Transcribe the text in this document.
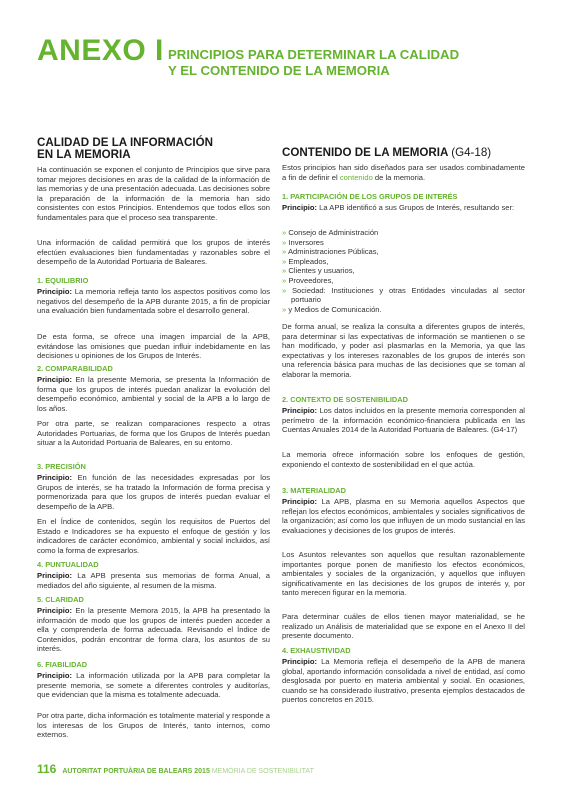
ANEXO I PRINCIPIOS PARA DETERMINAR LA CALIDAD
Y EL CONTENIDO DE LA MEMORIA
CALIDAD DE LA INFORMACIÓN
EN LA MEMORIA

Ha continuación se exponen el conjunto de Principios que sirve para tomar mejores decisiones en aras de la calidad de la información de las memorias y de una presentación adecuada. Las decisiones sobre la preparación de la información de la memoria han sido consistentes con estos Principios. Entendemos que todos ellos son fundamentales para que el proceso sea transparente.

Una información de calidad permitirá que los grupos de interés efectúen evaluaciones bien fundamentadas y razonables sobre el desempeño de la Autoridad Portuaria de Baleares.

1. EQUILIBRIO

Principio: La memoria refleja tanto los aspectos positivos como los negativos del desempeño de la APB durante 2015, a fin de propiciar una evaluación bien fundamentada sobre el desarrollo general.

De esta forma, se ofrece una imagen imparcial de la APB, evitándose las omisiones que puedan influir indebidamente en las decisiones u opiniones de los Grupos de Interés.

2. COMPARABILIDAD

Principio: En la presente Memoria, se presenta la Información de forma que los grupos de interés puedan analizar la evolución del desempeño económico, ambiental y social de la APB a lo largo de los años.

Por otra parte, se realizan comparaciones respecto a otras Autoridades Portuarias, de forma que los Grupos de Interés puedan situar a la Autoridad Portuaria de Baleares, en su entorno.

3. PRECISIÓN

Principio: En función de las necesidades expresadas por los Grupos de interés, se ha tratado la Información de forma precisa y pormenorizada para que los grupos de interés puedan evaluar el desempeño de la APB.

En el Índice de contenidos, según los requisitos de Puertos del Estado e Indicadores se ha expuesto el enfoque de gestión y los indicadores de carácter económico, ambiental y social incluidos, así como la forma de expresarlos.

4. PUNTUALIDAD

Principio: La APB presenta sus memorias de forma Anual, a mediados del año siguiente, al resumen de la misma.

5. CLARIDAD

Principio: En la presente Memora 2015, la APB ha presentado la información de modo que los grupos de interés pueden acceder a ella y comprenderla de forma adecuada. Revisando el Índice de Contenidos, podrán encontrar de forma clara, los asuntos de su interés.

6. FIABILIDAD

Principio: La información utilizada por la APB para completar la presente memoria, se somete a diferentes controles y auditorías, que evidencian que la misma es totalmente adecuada.

Por otra parte, dicha información es totalmente material y responde a los interesas de los Grupos de Interés, tanto internos, como externos.

CONTENIDO DE LA MEMORIA (G4-18)

Estos principios han sido diseñados para ser usados combinadamente a fin de definir el contenido de la memoria.

1. PARTICIPACIÓN DE LOS GRUPOS DE INTERÉS

Principio: La APB identificó a sus Grupos de Interés, resultando ser:

» Consejo de Administración
» Inversores
» Administraciones Públicas,
» Empleados,
» Clientes y usuarios,
» Proveedores,
» Sociedad: Instituciones y otras Entidades vinculadas al sector portuario
» y Medios de Comunicación.

De forma anual, se realiza la consulta a diferentes grupos de interés, para determinar si las expectativas de información se mantienen o se han modificado, y poder así plasmarlas en la Memoria, ya que las expectativas y los intereses razonables de los grupos de interés son una referencia básica para muchas de las decisiones que se toman al elaborar la memoria.

2. CONTEXTO DE SOSTENIBILIDAD

Principio: Los datos incluidos en la presente memoria corresponden al perímetro de la información económico-financiera publicada en las Cuentas Anuales 2014 de la Autoridad Portuaria de Baleares. (G4-17)

La memoria ofrece información sobre los enfoques de gestión, exponiendo el contexto de sostenibilidad en el que actúa.

3. MATERIALIDAD

Principio: La APB, plasma en su Memoria aquellos Aspectos que reflejan los efectos económicos, ambientales y sociales significativos de la organización; así como los que influyen de un modo sustancial en las evaluaciones y decisiones de los grupos de interés.

Los Asuntos relevantes son aquellos que resultan razonablemente importantes porque ponen de manifiesto los efectos económicos, ambientales y sociales de la organización, y aquellos que influyen significativamente en las decisiones de los grupos de interés y, por tanto merecen figurar en la memoria.

Para determinar cuáles de ellos tienen mayor materialidad, se he realizado un Análisis de materialidad que se expone en el Anexo II del presente documento.

4. EXHAUSTIVIDAD

Principio: La Memoria refleja el desempeño de la APB de manera global, aportando información consolidada a nivel de entidad, así como desglosada por puerto en materia ambiental y social. En ocasiones, cuando se ha considerado ilustrativo, presenta ejemplos destacados de puertos concretos en 2015.

116 AUTORITAT PORTUÀRIA DE BALEARS 2015 MEMÒRIA DE SOSTENIBILITAT
